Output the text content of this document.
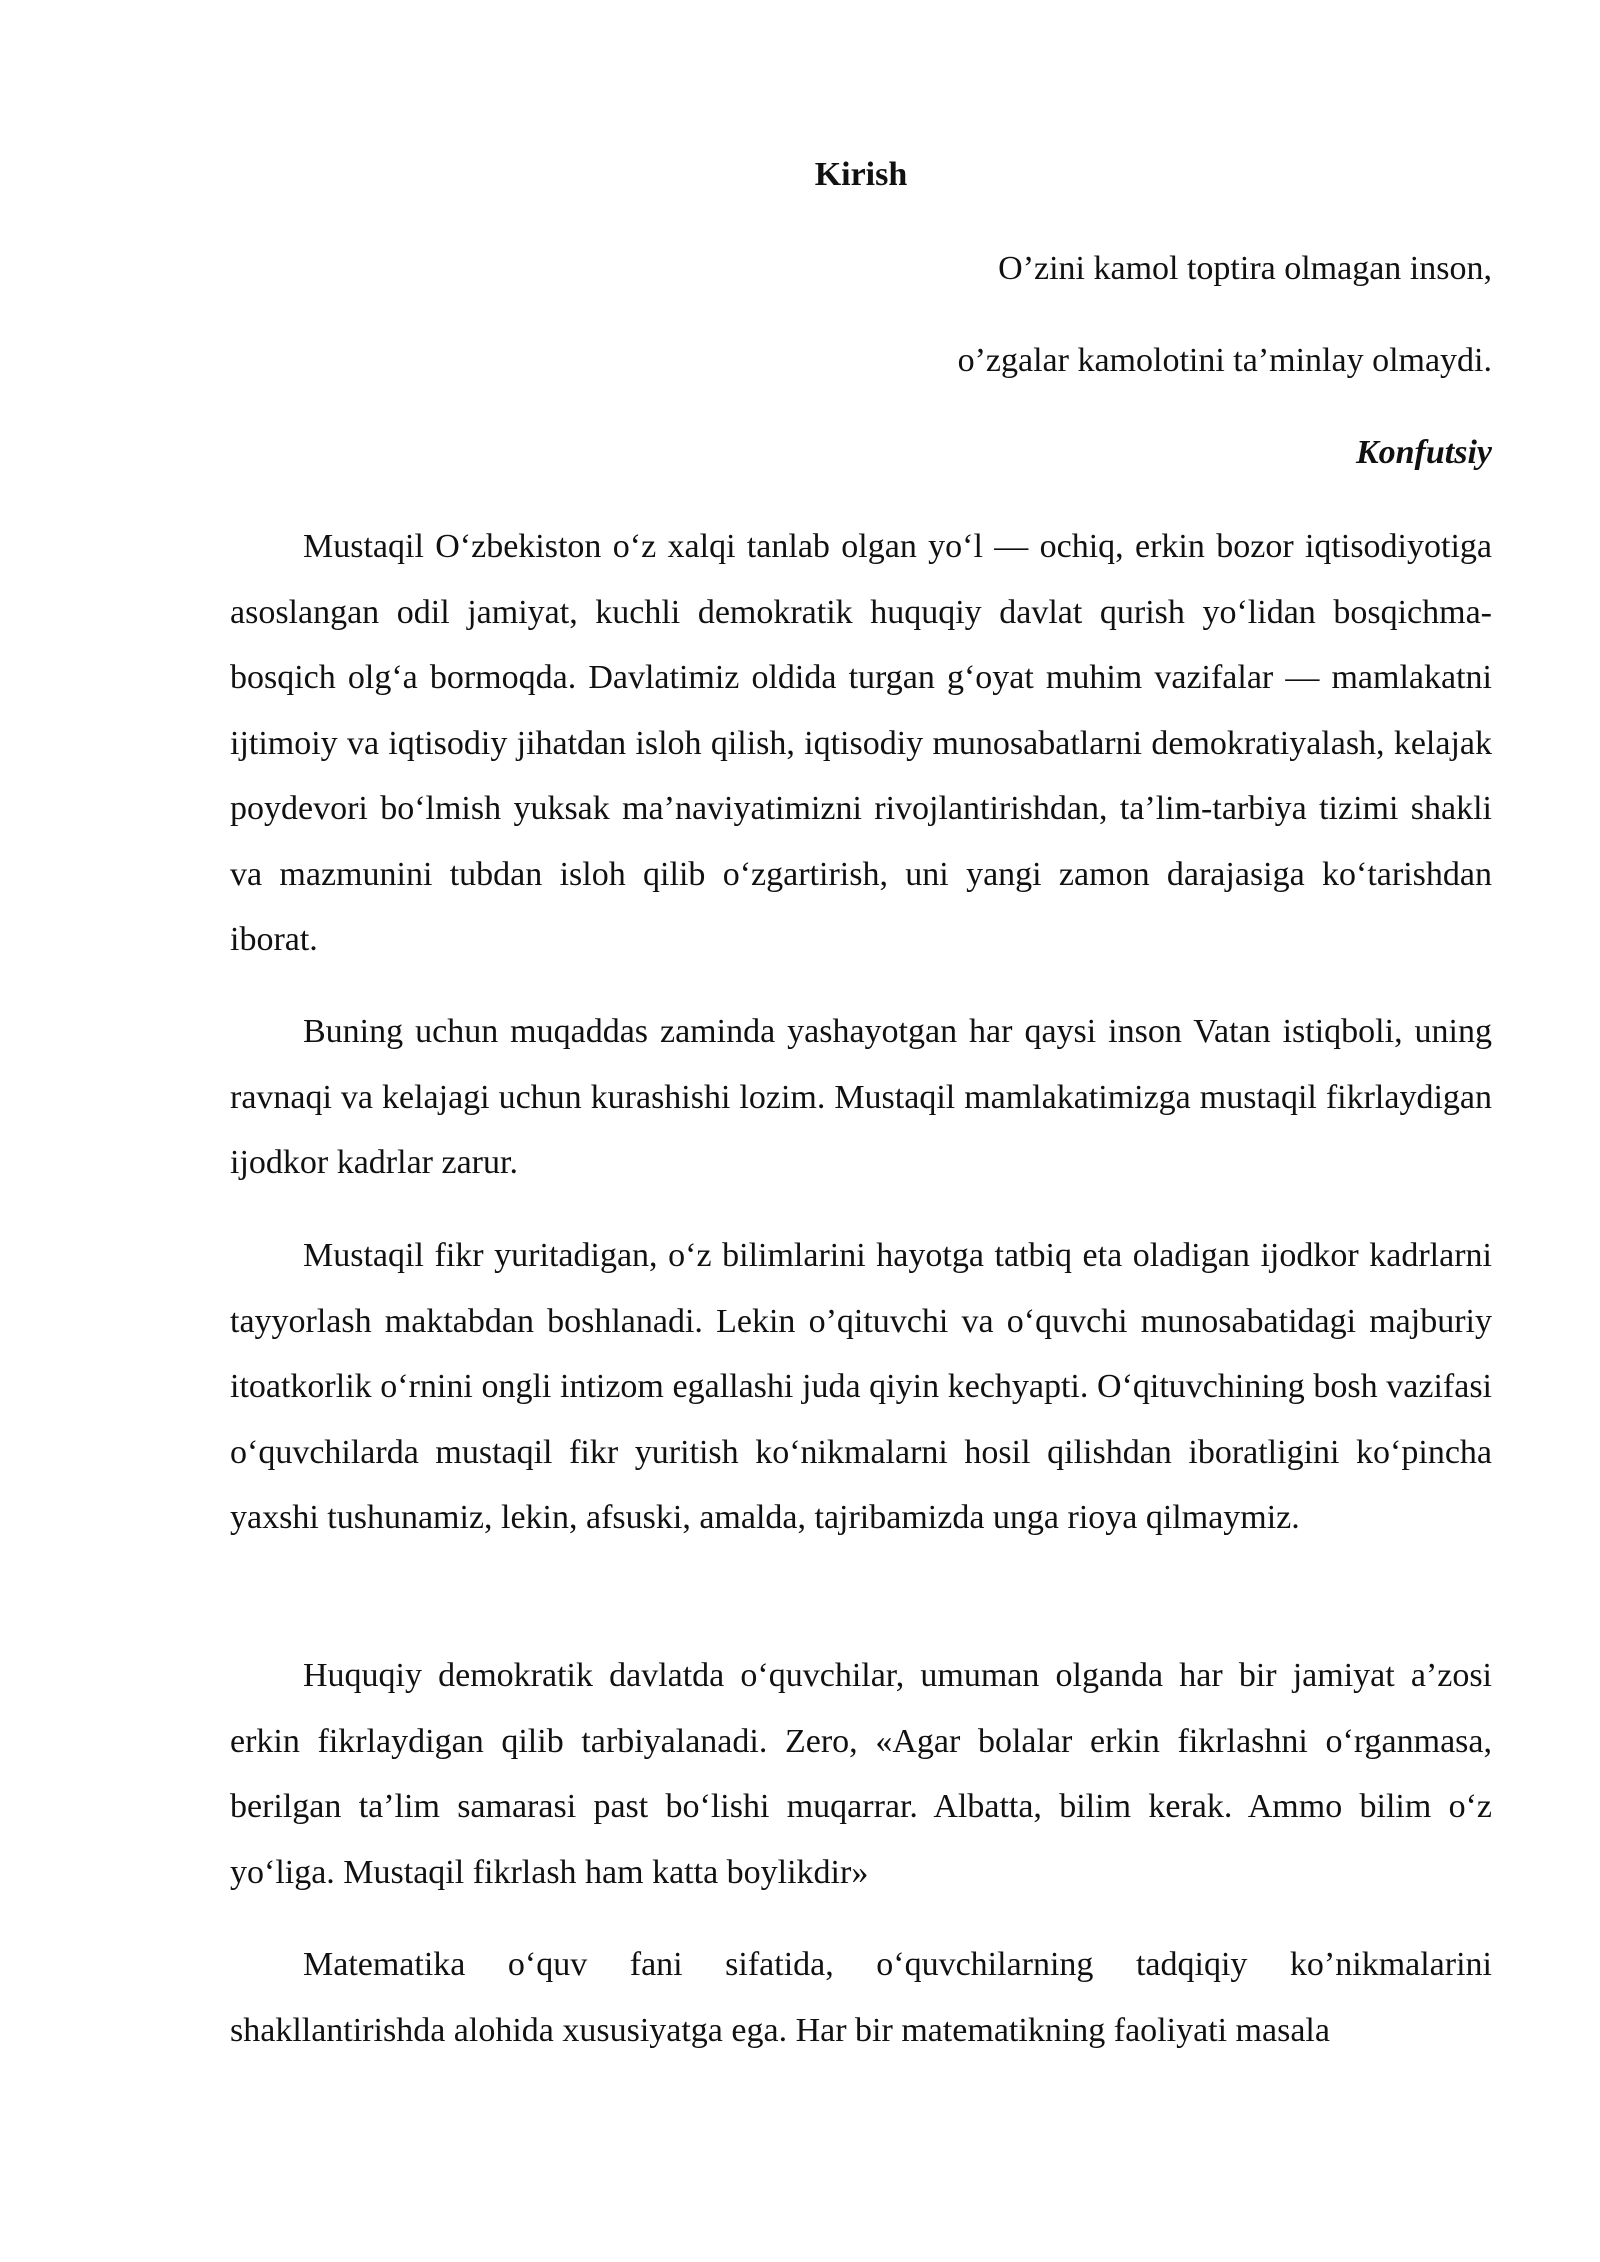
Kirish

O’zini kamol toptira olmagan inson,

o’zgalar kamolotini ta’minlay olmaydi.

Konfutsiy

Mustaqil O‘zbekiston o‘z xalqi tanlab olgan yo‘l — ochiq, erkin bozor iqtisodiyotiga asoslangan odil jamiyat, kuchli demokratik huquqiy davlat qurish yo‘lidan bosqichma-bosqich olg‘a bormoqda. Davlatimiz oldida turgan g‘oyat muhim vazifalar — mamlakatni ijtimoiy va iqtisodiy jihatdan isloh qilish, iqtisodiy munosabatlarni demokratiyalash, kelajak poydevori bo‘lmish yuksak ma’naviyatimizni rivojlantirishdan, ta’lim-tarbiya tizimi shakli va mazmunini tubdan isloh qilib o‘zgartirish, uni yangi zamon darajasiga ko‘tarishdan iborat.

Buning uchun muqaddas zaminda yashayotgan har qaysi inson Vatan istiqboli, uning ravnaqi va kelajagi uchun kurashishi lozim. Mustaqil mamlakatimizga mustaqil fikrlaydigan ijodkor kadrlar zarur.

Mustaqil fikr yuritadigan, o‘z bilimlarini hayotga tatbiq eta oladigan ijodkor kadrlarni tayyorlash maktabdan boshlanadi. Lekin o’qituvchi va o‘quvchi munosabatidagi majburiy itoatkorlik o‘rnini ongli intizom egallashi juda qiyin kechyapti. O‘qituvchining bosh vazifasi o‘quvchilarda mustaqil fikr yuritish ko‘nikmalarni hosil qilishdan iboratligini ko‘pincha yaxshi tushunamiz, lekin, afsuski, amalda, tajribamizda unga rioya qilmaymiz.

Huquqiy demokratik davlatda o‘quvchilar, umuman olganda har bir jamiyat a’zosi erkin fikrlaydigan qilib tarbiyalanadi. Zero, «Agar bolalar erkin fikrlashni o‘rganmasa, berilgan ta’lim samarasi past bo‘lishi muqarrar. Albatta, bilim kerak. Ammo bilim o‘z yo‘liga. Mustaqil fikrlash ham katta boylikdir»

Matematika o‘quv fani sifatida, o‘quvchilarning tadqiqiy ko’nikmalarini shakllantirishda alohida xususiyatga ega. Har bir matematikning faoliyati masala
